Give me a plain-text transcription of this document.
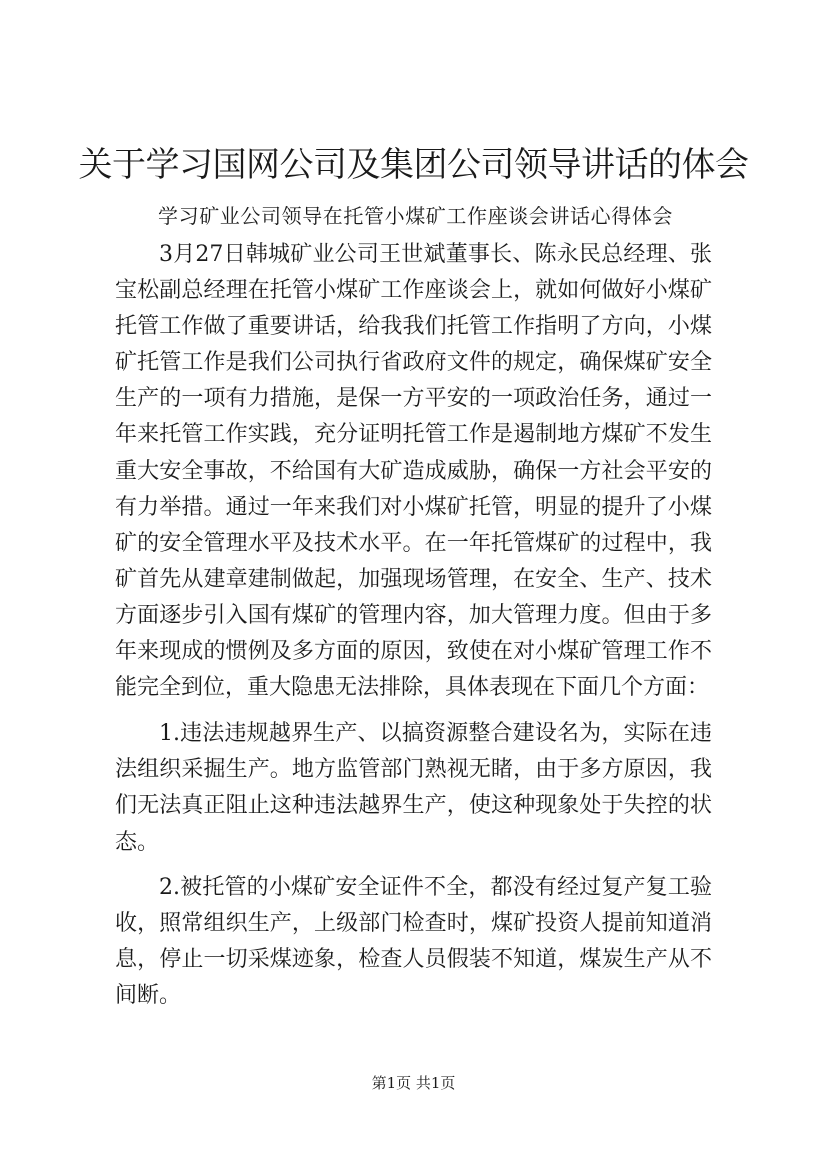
关于学习国网公司及集团公司领导讲话的体会
学习矿业公司领导在托管小煤矿工作座谈会讲话心得体会

3月27日韩城矿业公司王世斌董事长、陈永民总经理、张宝松副总经理在托管小煤矿工作座谈会上，就如何做好小煤矿托管工作做了重要讲话，给我我们托管工作指明了方向，小煤矿托管工作是我们公司执行省政府文件的规定，确保煤矿安全生产的一项有力措施，是保一方平安的一项政治任务，通过一年来托管工作实践，充分证明托管工作是遏制地方煤矿不发生重大安全事故，不给国有大矿造成威胁，确保一方社会平安的有力举措。通过一年来我们对小煤矿托管，明显的提升了小煤矿的安全管理水平及技术水平。在一年托管煤矿的过程中，我矿首先从建章建制做起，加强现场管理，在安全、生产、技术方面逐步引入国有煤矿的管理内容，加大管理力度。但由于多年来现成的惯例及多方面的原因，致使在对小煤矿管理工作不能完全到位，重大隐患无法排除，具体表现在下面几个方面：

1.违法违规越界生产、以搞资源整合建设名为，实际在违法组织采掘生产。地方监管部门熟视无睹，由于多方原因，我们无法真正阻止这种违法越界生产，使这种现象处于失控的状态。

2.被托管的小煤矿安全证件不全，都没有经过复产复工验收，照常组织生产，上级部门检查时，煤矿投资人提前知道消息，停止一切采煤迹象，检查人员假装不知道，煤炭生产从不间断。

第1页 共1页
